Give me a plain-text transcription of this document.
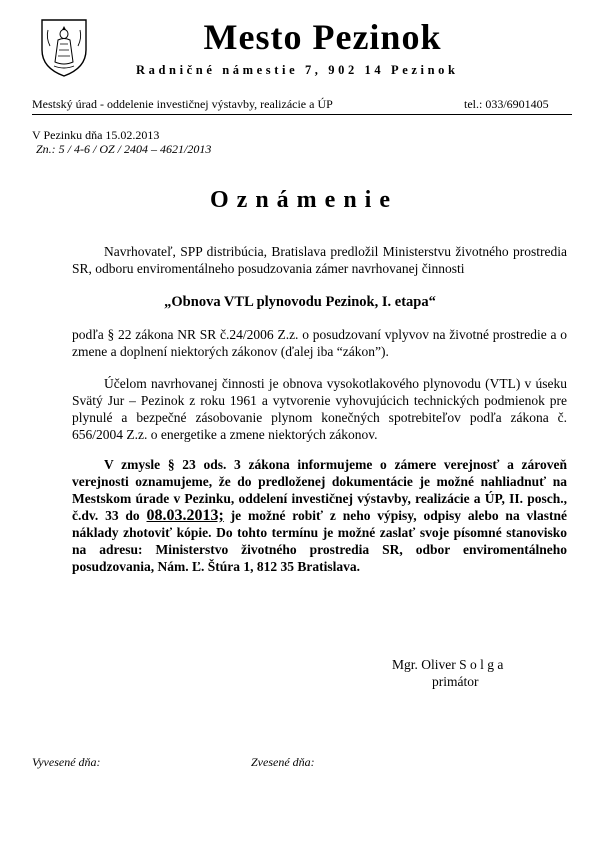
Mesto Pezinok
Radničné námestie 7, 902 14 Pezinok
Mestský úrad - oddelenie investičnej výstavby, realizácie a ÚP	tel.: 033/6901405
V Pezinku dňa 15.02.2013
Zn.: 5 / 4-6 / OZ / 2404 – 4621/2013
Oznámenie
Navrhovateľ, SPP distribúcia, Bratislava predložil Ministerstvu životného prostredia SR, odboru enviromentálneho posudzovania zámer navrhovanej činnosti
„Obnova VTL plynovodu Pezinok, I. etapa“
podľa § 22 zákona NR SR č.24/2006 Z.z. o posudzovaní vplyvov na životné prostredie a o zmene a doplnení niektorých zákonov (ďalej iba “zákon”).
Účelom navrhovanej činnosti je obnova vysokotlakového plynovodu (VTL) v úseku Svätý Jur – Pezinok z roku 1961 a vytvorenie vyhovujúcich technických podmienok pre plynulé a bezpečné zásobovanie plynom konečných spotrebiteľov podľa zákona č. 656/2004 Z.z. o energetike a zmene niektorých zákonov.
V zmysle § 23 ods. 3 zákona informujeme o zámere verejnosť a zároveň verejnosti oznamujeme, že do predloženej dokumentácie je možné nahliadnuť na Mestskom úrade v Pezinku, oddelení investičnej výstavby, realizácie a ÚP, II. posch., č.dv. 33 do 08.03.2013; je možné robiť z neho výpisy, odpisy alebo na vlastné náklady zhotoviť kópie. Do tohto termínu je možné zaslať svoje písomné stanovisko na adresu: Ministerstvo životného prostredia SR, odbor enviromentálneho posudzovania, Nám. Ľ. Štúra 1, 812 35 Bratislava.
Mgr. Oliver S o l g a
primátor
Vyvesené dňa:	Zvesené dňa:
